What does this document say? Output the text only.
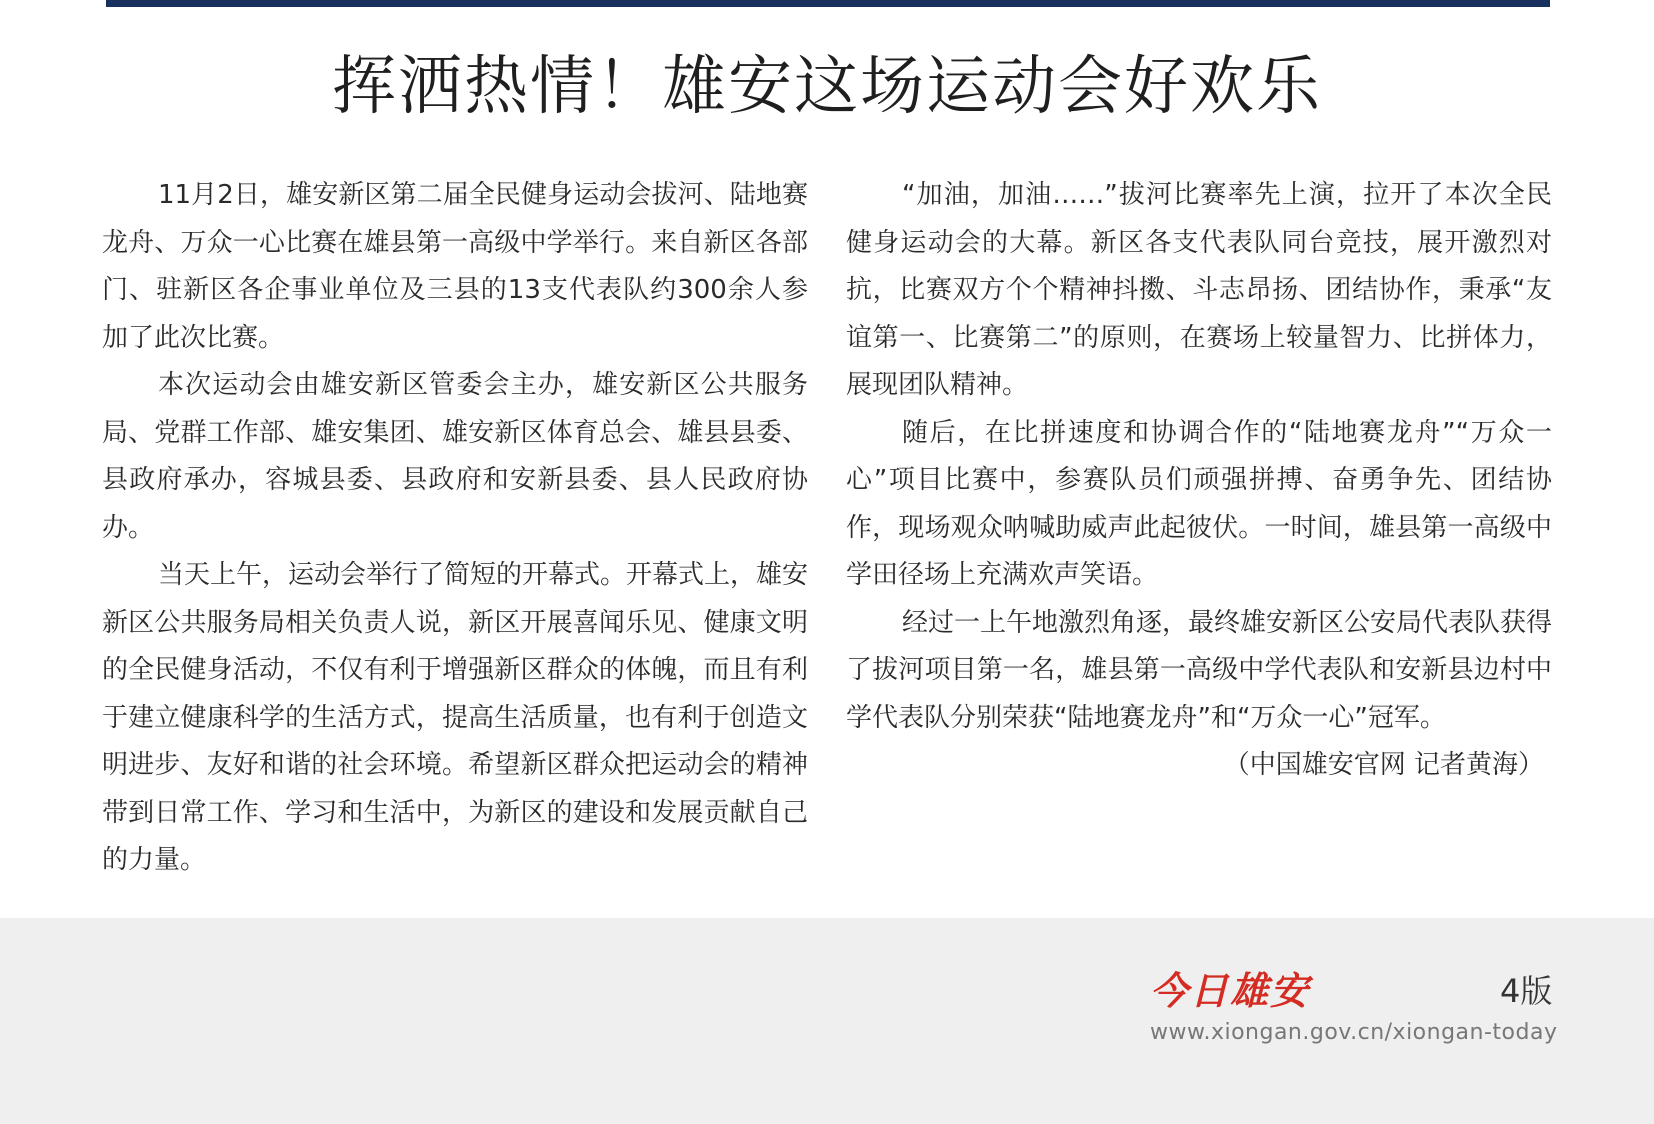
挥洒热情！雄安这场运动会好欢乐

11月2日，雄安新区第二届全民健身运动会拔河、陆地赛龙舟、万众一心比赛在雄县第一高级中学举行。来自新区各部门、驻新区各企事业单位及三县的13支代表队约300余人参加了此次比赛。

本次运动会由雄安新区管委会主办，雄安新区公共服务局、党群工作部、雄安集团、雄安新区体育总会、雄县县委、县政府承办，容城县委、县政府和安新县委、县人民政府协办。

当天上午，运动会举行了简短的开幕式。开幕式上，雄安新区公共服务局相关负责人说，新区开展喜闻乐见、健康文明的全民健身活动，不仅有利于增强新区群众的体魄，而且有利于建立健康科学的生活方式，提高生活质量，也有利于创造文明进步、友好和谐的社会环境。希望新区群众把运动会的精神带到日常工作、学习和生活中，为新区的建设和发展贡献自己的力量。

“加油，加油……”拔河比赛率先上演，拉开了本次全民健身运动会的大幕。新区各支代表队同台竞技，展开激烈对抗，比赛双方个个精神抖擞、斗志昂扬、团结协作，秉承“友谊第一、比赛第二”的原则，在赛场上较量智力、比拼体力，展现团队精神。

随后，在比拼速度和协调合作的“陆地赛龙舟”“万众一心”项目比赛中，参赛队员们顽强拼搏、奋勇争先、团结协作，现场观众呐喊助威声此起彼伏。一时间，雄县第一高级中学田径场上充满欢声笑语。

经过一上午地激烈角逐，最终雄安新区公安局代表队获得了拔河项目第一名，雄县第一高级中学代表队和安新县边村中学代表队分别荣获“陆地赛龙舟”和“万众一心”冠军。

（中国雄安官网 记者黄海）

今日雄安	4版
www.xiongan.gov.cn/xiongan-today
